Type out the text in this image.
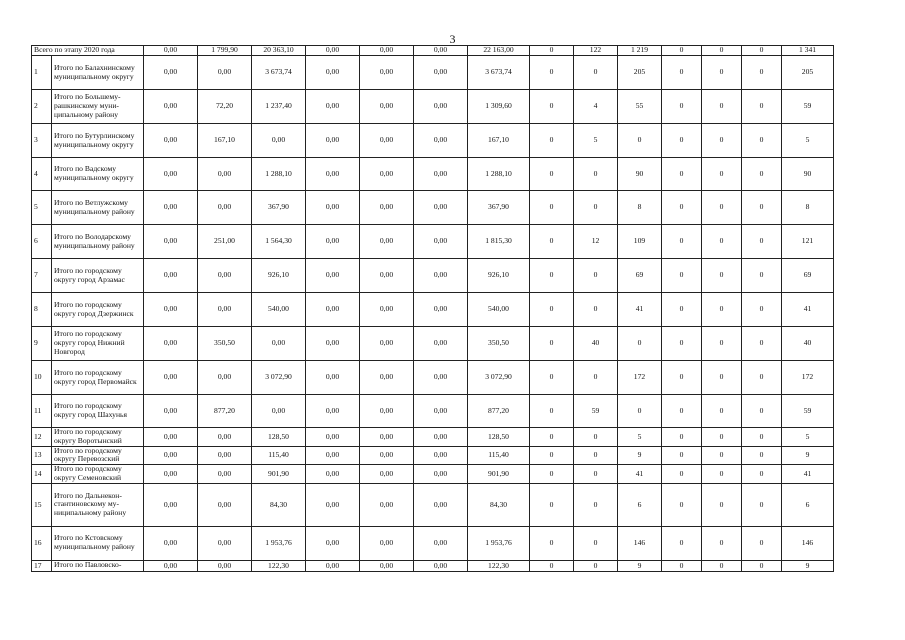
3
Всего по этапу 2020 года		0,00	1 799,90	20 363,10	0,00	0,00	0,00	22 163,00	0	122	1 219	0	0	0	1 341
1	Итого по Балахнинскому муниципальному округу	0,00	0,00	3 673,74	0,00	0,00	0,00	3 673,74	0	0	205	0	0	0	205
2	Итого по Большемурашкинскому муниципальному району	0,00	72,20	1 237,40	0,00	0,00	0,00	1 309,60	0	4	55	0	0	0	59
3	Итого по Бутурлинскому муниципальному округу	0,00	167,10	0,00	0,00	0,00	0,00	167,10	0	5	0	0	0	0	5
4	Итого по Вадскому муниципальному округу	0,00	0,00	1 288,10	0,00	0,00	0,00	1 288,10	0	0	90	0	0	0	90
5	Итого по Ветлужскому муниципальному району	0,00	0,00	367,90	0,00	0,00	0,00	367,90	0	0	8	0	0	0	8
6	Итого по Володарскому муниципальному району	0,00	251,00	1 564,30	0,00	0,00	0,00	1 815,30	0	12	109	0	0	0	121
7	Итого по городскому округу город Арзамас	0,00	0,00	926,10	0,00	0,00	0,00	926,10	0	0	69	0	0	0	69
8	Итого по городскому округу город Дзержинск	0,00	0,00	540,00	0,00	0,00	0,00	540,00	0	0	41	0	0	0	41
9	Итого по городскому округу город Нижний Новгород	0,00	350,50	0,00	0,00	0,00	0,00	350,50	0	40	0	0	0	0	40
10	Итого по городскому округу город Первомайск	0,00	0,00	3 072,90	0,00	0,00	0,00	3 072,90	0	0	172	0	0	0	172
11	Итого по городскому округу город Шахунья	0,00	877,20	0,00	0,00	0,00	0,00	877,20	0	59	0	0	0	0	59
12	Итого по городскому округу Воротынский	0,00	0,00	128,50	0,00	0,00	0,00	128,50	0	0	5	0	0	0	5
13	Итого по городскому округу Перевозский	0,00	0,00	115,40	0,00	0,00	0,00	115,40	0	0	9	0	0	0	9
14	Итого по городскому округу Семеновский	0,00	0,00	901,90	0,00	0,00	0,00	901,90	0	0	41	0	0	0	41
15	Итого по Дальнеконстантиновскому муниципальному району	0,00	0,00	84,30	0,00	0,00	0,00	84,30	0	0	6	0	0	0	6
16	Итого по Кстовскому муниципальному району	0,00	0,00	1 953,76	0,00	0,00	0,00	1 953,76	0	0	146	0	0	0	146
17	Итого по Павловско-	0,00	0,00	122,30	0,00	0,00	0,00	122,30	0	0	9	0	0	0	9
